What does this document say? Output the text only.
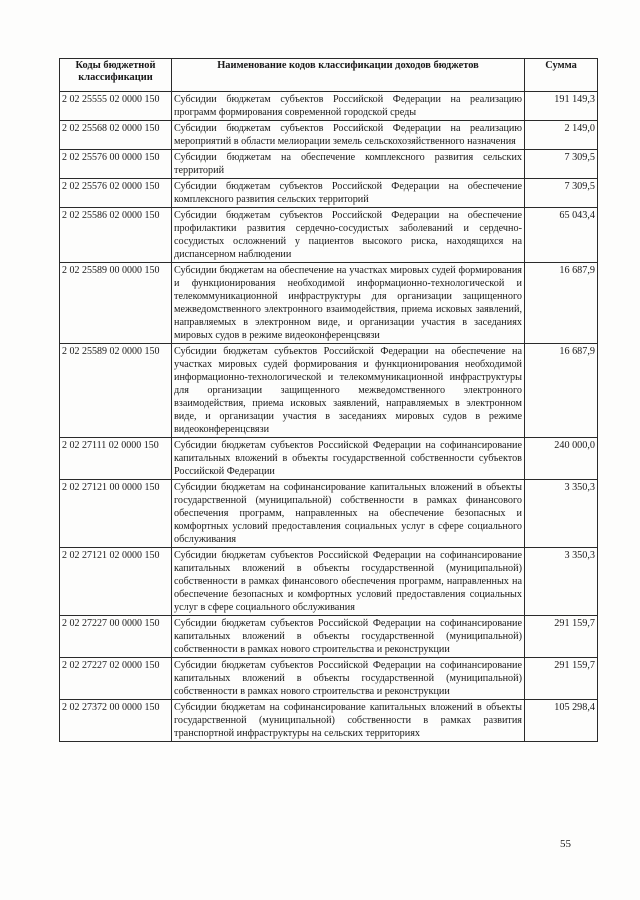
Коды бюджетной классификации	Наименование кодов классификации доходов бюджетов	Сумма
2 02 25555 02 0000 150	Субсидии бюджетам субъектов Российской Федерации на реализацию программ формирования современной городской среды	191 149,3
2 02 25568 02 0000 150	Субсидии бюджетам субъектов Российской Федерации на реализацию мероприятий в области мелиорации земель сельскохозяйственного назначения	2 149,0
2 02 25576 00 0000 150	Субсидии бюджетам на обеспечение комплексного развития сельских территорий	7 309,5
2 02 25576 02 0000 150	Субсидии бюджетам субъектов Российской Федерации на обеспечение комплексного развития сельских территорий	7 309,5
2 02 25586 02 0000 150	Субсидии бюджетам субъектов Российской Федерации на обеспечение профилактики развития сердечно-сосудистых заболеваний и сердечно-сосудистых осложнений у пациентов высокого риска, находящихся на диспансерном наблюдении	65 043,4
2 02 25589 00 0000 150	Субсидии бюджетам на обеспечение на участках мировых судей формирования и функционирования необходимой информационно-технологической и телекоммуникационной инфраструктуры для организации защищенного межведомственного электронного взаимодействия, приема исковых заявлений, направляемых в электронном виде, и организации участия в заседаниях мировых судов в режиме видеоконференцсвязи	16 687,9
2 02 25589 02 0000 150	Субсидии бюджетам субъектов Российской Федерации на обеспечение на участках мировых судей формирования и функционирования необходимой информационно-технологической и телекоммуникационной инфраструктуры для организации защищенного межведомственного электронного взаимодействия, приема исковых заявлений, направляемых в электронном виде, и организации участия в заседаниях мировых судов в режиме видеоконференцсвязи	16 687,9
2 02 27111 02 0000 150	Субсидии бюджетам субъектов Российской Федерации на софинансирование капитальных вложений в объекты государственной собственности субъектов Российской Федерации	240 000,0
2 02 27121 00 0000 150	Субсидии бюджетам на софинансирование капитальных вложений в объекты государственной (муниципальной) собственности в рамках финансового обеспечения программ, направленных на обеспечение безопасных и комфортных условий предоставления социальных услуг в сфере социального обслуживания	3 350,3
2 02 27121 02 0000 150	Субсидии бюджетам субъектов Российской Федерации на софинансирование капитальных вложений в объекты государственной (муниципальной) собственности в рамках финансового обеспечения программ, направленных на обеспечение безопасных и комфортных условий предоставления социальных услуг в сфере социального обслуживания	3 350,3
2 02 27227 00 0000 150	Субсидии бюджетам субъектов Российской Федерации на софинансирование капитальных вложений в объекты государственной (муниципальной) собственности в рамках нового строительства и реконструкции	291 159,7
2 02 27227 02 0000 150	Субсидии бюджетам субъектов Российской Федерации на софинансирование капитальных вложений в объекты государственной (муниципальной) собственности в рамках нового строительства и реконструкции	291 159,7
2 02 27372 00 0000 150	Субсидии бюджетам на софинансирование капитальных вложений в объекты государственной (муниципальной) собственности в рамках развития транспортной инфраструктуры на сельских территориях	105 298,4
55
